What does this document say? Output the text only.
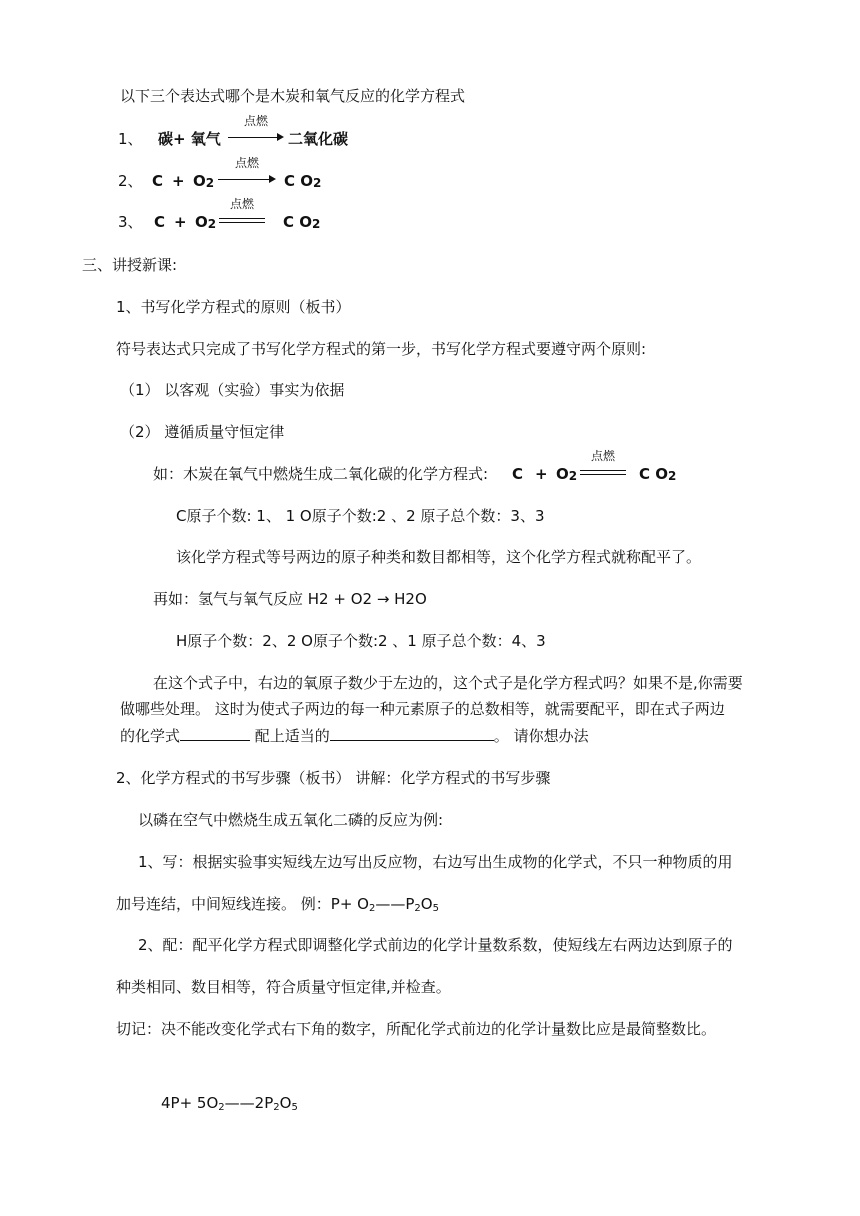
以下三个表达式哪个是木炭和氧气反应的化学方程式
1、 碳+ 氧气
点燃
二氧化碳
2、 C + O2
点燃
C O2
3、 C + O2
点燃
C O2
三、讲授新课:
1、书写化学方程式的原则（板书）
符号表达式只完成了书写化学方程式的第一步，书写化学方程式要遵守两个原则:
（1） 以客观（实验）事实为依据
（2） 遵循质量守恒定律
如：木炭在氧气中燃烧生成二氧化碳的化学方程式: C + O2
点燃
C O2
C原子个数: 1、 1 O原子个数:2 、2 原子总个数：3、3
该化学方程式等号两边的原子种类和数目都相等，这个化学方程式就称配平了。
再如：氢气与氧气反应 H2 + O2 → H2O
H原子个数：2、2 O原子个数:2 、1 原子总个数：4、3
在这个式子中，右边的氧原子数少于左边的，这个式子是化学方程式吗？如果不是,你需要
做哪些处理。 这时为使式子两边的每一种元素原子的总数相等，就需要配平，即在式子两边
的化学式	配上适当的	。 请你想办法
2、化学方程式的书写步骤（板书） 讲解：化学方程式的书写步骤
以磷在空气中燃烧生成五氧化二磷的反应为例:
1、写：根据实验事实短线左边写出反应物，右边写出生成物的化学式，不只一种物质的用
加号连结，中间短线连接。 例：$P+ O_2——P_2O_5$
2、配：配平化学方程式即调整化学式前边的化学计量数系数，使短线左右两边达到原子的
种类相同、数目相等，符合质量守恒定律,并检查。
切记：决不能改变化学式右下角的数字，所配化学式前边的化学计量数比应是最简整数比。
$4P+ 5O_2——2P_2O_5$
